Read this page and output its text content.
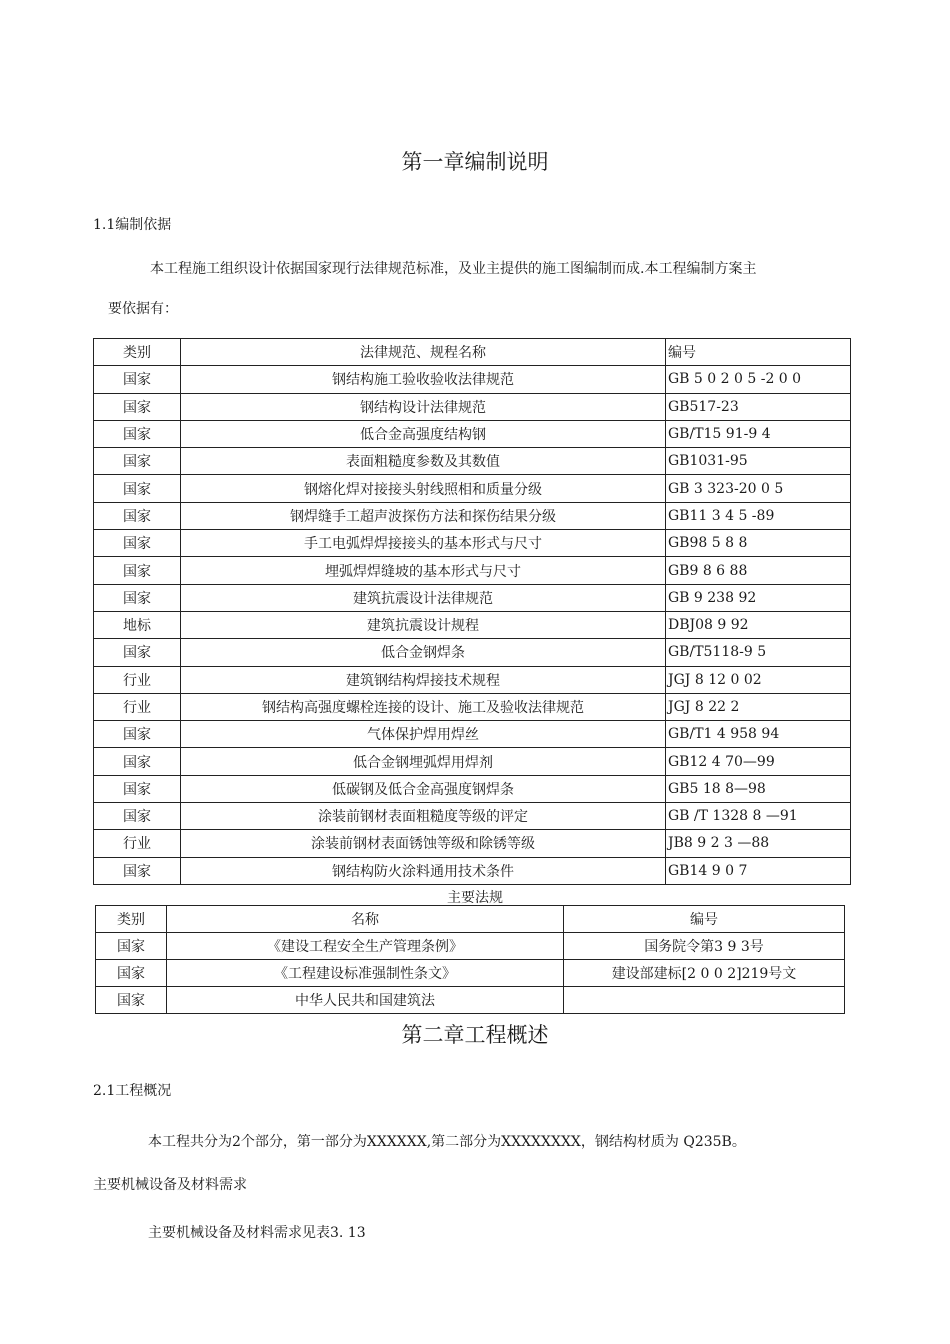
第一章编制说明
1.1编制依据
本工程施工组织设计依据国家现行法律规范标准，及业主提供的施工图编制而成.本工程编制方案主
要依据有：
类别	法律规范、规程名称	编号
国家	钢结构施工验收验收法律规范	GB 5 0 2 0 5 -2 0 0
国家	钢结构设计法律规范	GB517-23
国家	低合金高强度结构钢	GB/T15 91-9 4
国家	表面粗糙度参数及其数值	GB1031-95
国家	钢熔化焊对接接头射线照相和质量分级	GB 3 323-20 0 5
国家	钢焊缝手工超声波探伤方法和探伤结果分级	GB11 3 4 5 -89
国家	手工电弧焊焊接接头的基本形式与尺寸	GB98 5 8 8
国家	埋弧焊焊缝坡的基本形式与尺寸	GB9 8 6 88
国家	建筑抗震设计法律规范	GB 9 238 92
地标	建筑抗震设计规程	DBJ08 9 92
国家	低合金钢焊条	GB/T5118-9 5
行业	建筑钢结构焊接技术规程	JGJ 8 12 0 02
行业	钢结构高强度螺栓连接的设计、施工及验收法律规范	JGJ 8 22 2
国家	气体保护焊用焊丝	GB/T1 4 958 94
国家	低合金钢埋弧焊用焊剂	GB12 4 70—99
国家	低碳钢及低合金高强度钢焊条	GB5 18 8—98
国家	涂装前钢材表面粗糙度等级的评定	GB /T 1328 8 —91
行业	涂装前钢材表面锈蚀等级和除锈等级	JB8 9 2 3 —88
国家	钢结构防火涂料通用技术条件	GB14 9 0 7
主要法规
类别	名称	编号
国家	《建设工程安全生产管理条例》	国务院令第3 9 3号
国家	《工程建设标准强制性条文》	建设部建标[2 0 0 2]219号文
国家	中华人民共和国建筑法	
第二章工程概述
2.1工程概况
本工程共分为2个部分，第一部分为XXXXXX,第二部分为XXXXXXXX，钢结构材质为 Q235B。
主要机械设备及材料需求
主要机械设备及材料需求见表3. 13
